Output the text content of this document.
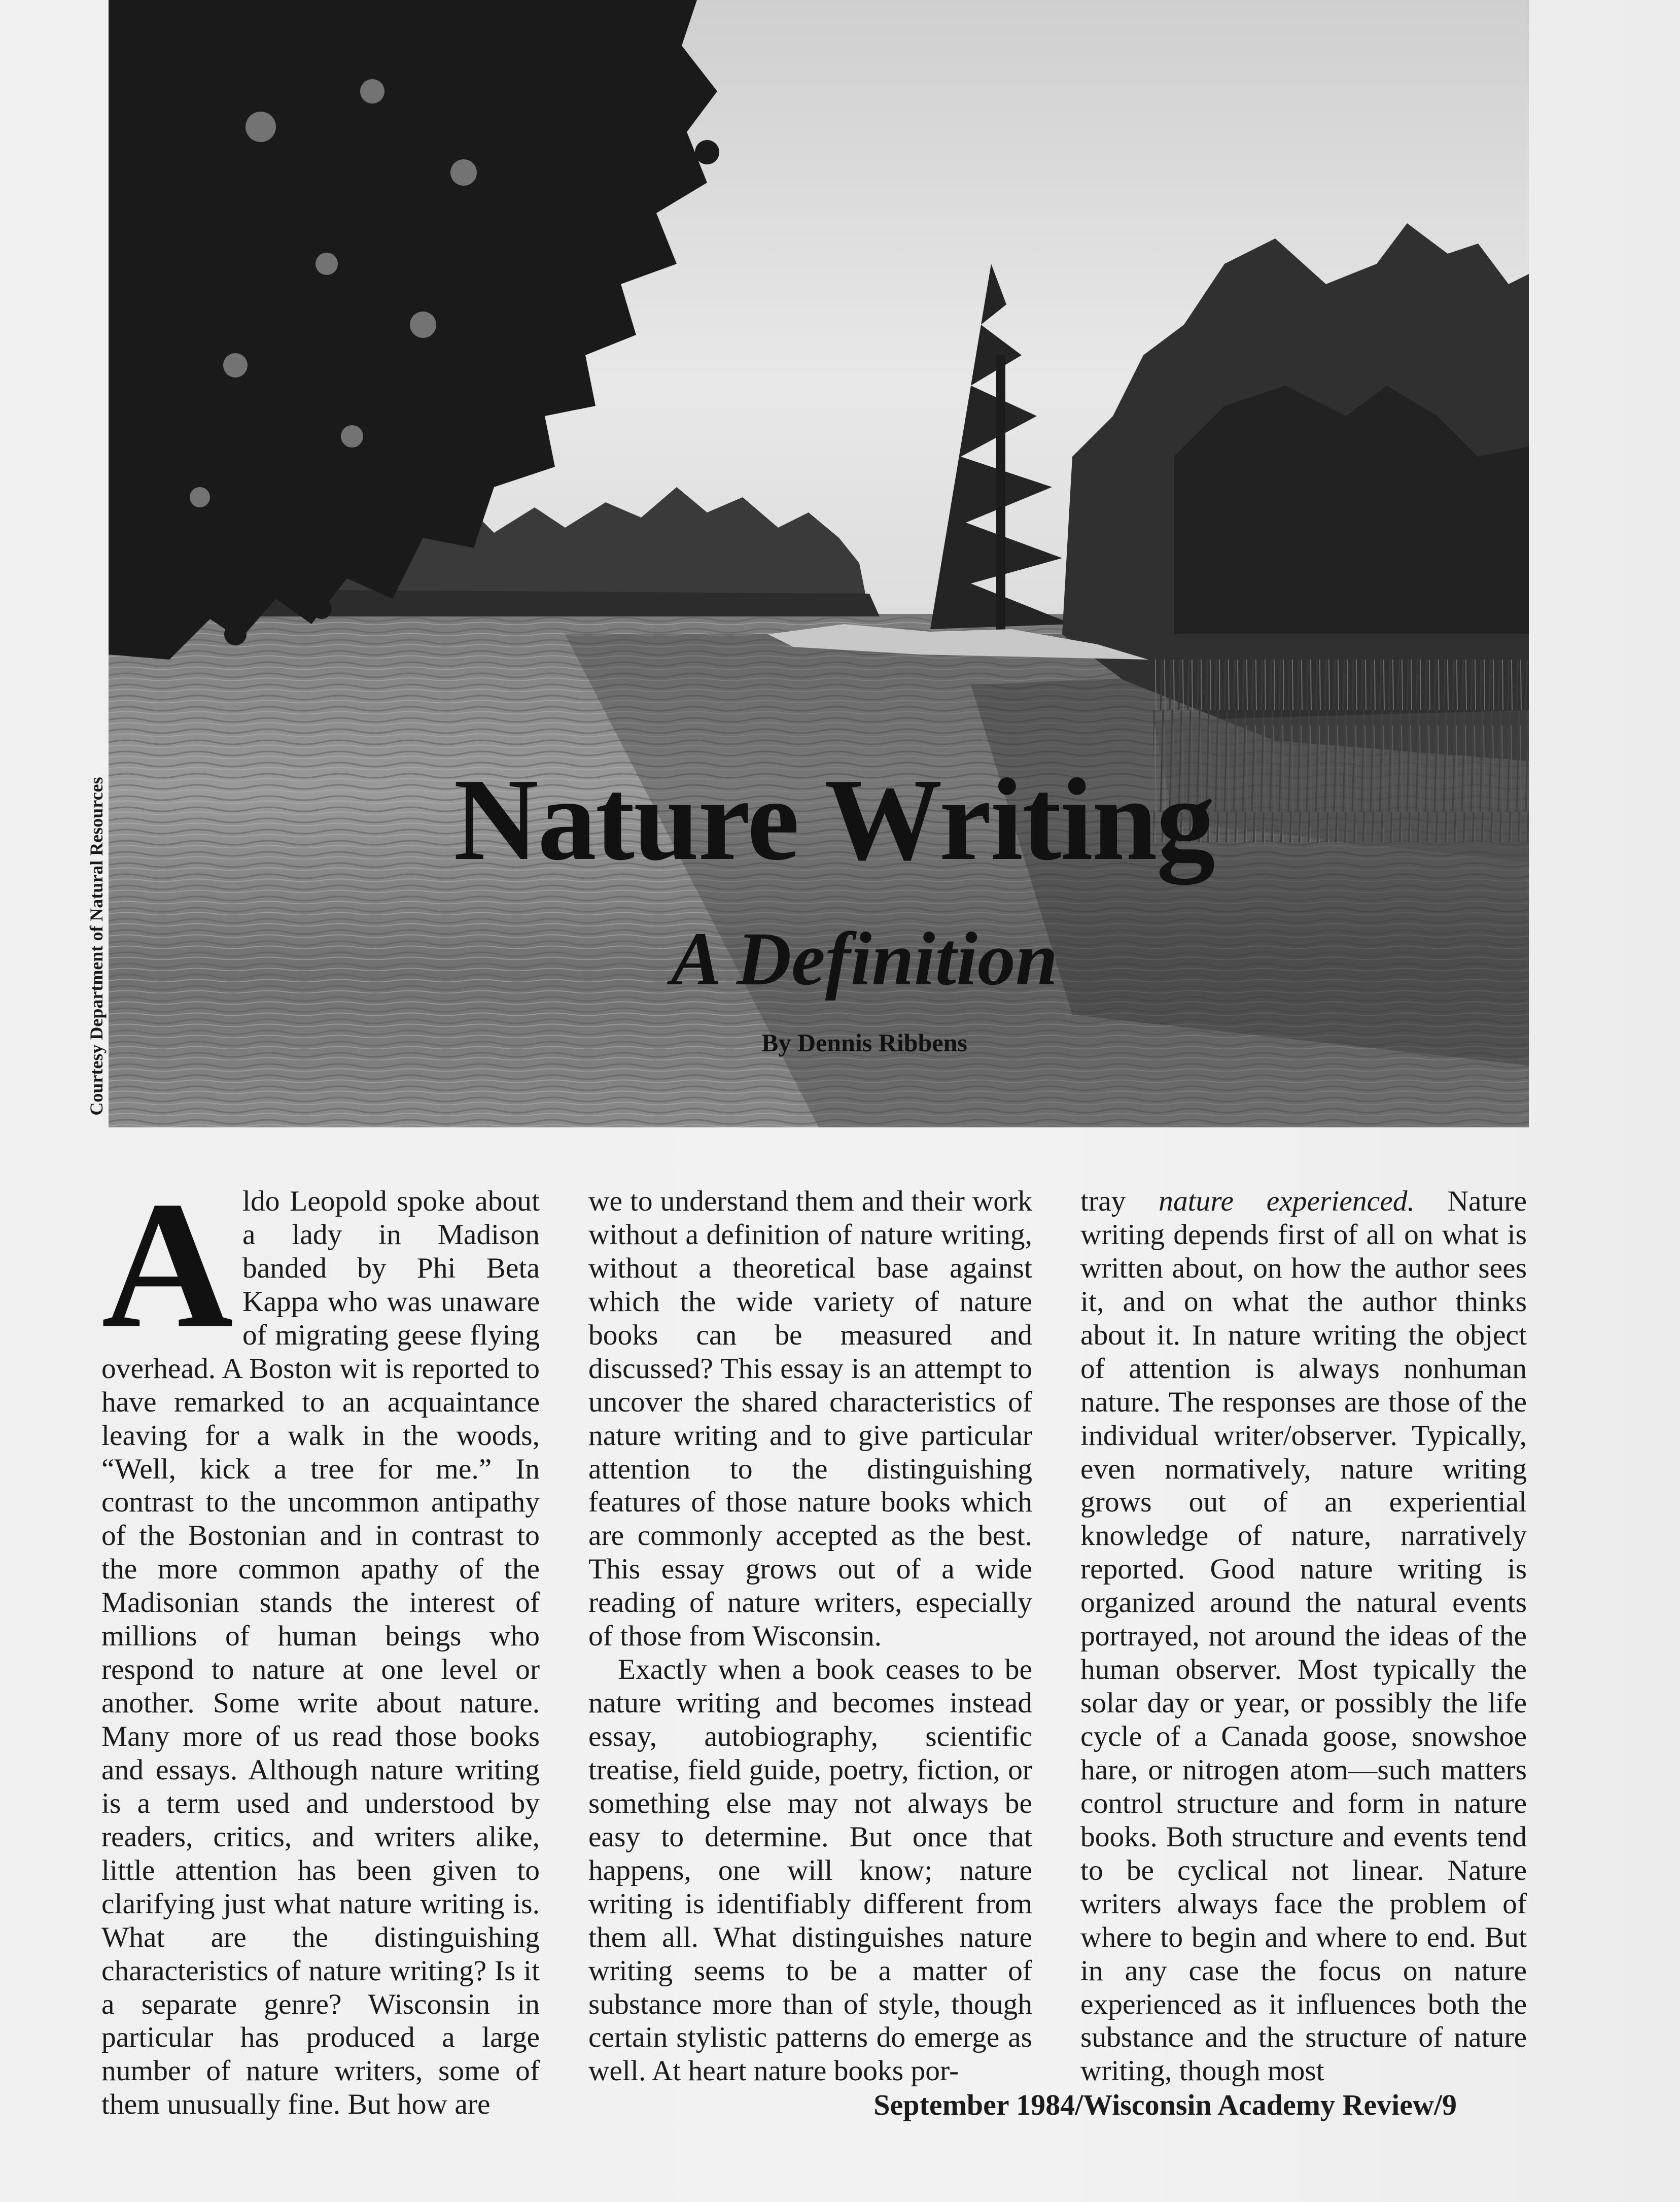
Nature Writing
A Definition
By Dennis Ribbens
Courtesy Department of Natural Resources

Aldo Leopold spoke about a lady in Madison banded by Phi Beta Kappa who was unaware of migrating geese flying overhead. A Boston wit is reported to have remarked to an acquaintance leaving for a walk in the woods, “Well, kick a tree for me.” In contrast to the uncommon antipathy of the Bostonian and in contrast to the more common apathy of the Madisonian stands the interest of millions of human beings who respond to nature at one level or another. Some write about nature. Many more of us read those books and essays. Although nature writing is a term used and understood by readers, critics, and writers alike, little attention has been given to clarifying just what nature writing is. What are the distinguishing characteristics of nature writing? Is it a separate genre? Wisconsin in particular has produced a large number of nature writers, some of them unusually fine. But how are

we to understand them and their work without a definition of nature writing, without a theoretical base against which the wide variety of nature books can be measured and discussed? This essay is an attempt to uncover the shared characteristics of nature writing and to give particular attention to the distinguishing features of those nature books which are commonly accepted as the best. This essay grows out of a wide reading of nature writers, especially of those from Wisconsin.

Exactly when a book ceases to be nature writing and becomes instead essay, autobiography, scientific treatise, field guide, poetry, fiction, or something else may not always be easy to determine. But once that happens, one will know; nature writing is identifiably different from them all. What distinguishes nature writing seems to be a matter of substance more than of style, though certain stylistic patterns do emerge as well. At heart nature books por-

tray nature experienced. Nature writing depends first of all on what is written about, on how the author sees it, and on what the author thinks about it. In nature writing the object of attention is always nonhuman nature. The responses are those of the individual writer/observer. Typically, even normatively, nature writing grows out of an experiential knowledge of nature, narratively reported. Good nature writing is organized around the natural events portrayed, not around the ideas of the human observer. Most typically the solar day or year, or possibly the life cycle of a Canada goose, snowshoe hare, or nitrogen atom—such matters control structure and form in nature books. Both structure and events tend to be cyclical not linear. Nature writers always face the problem of where to begin and where to end. But in any case the focus on nature experienced as it influences both the substance and the structure of nature writing, though most

September 1984/Wisconsin Academy Review/9
